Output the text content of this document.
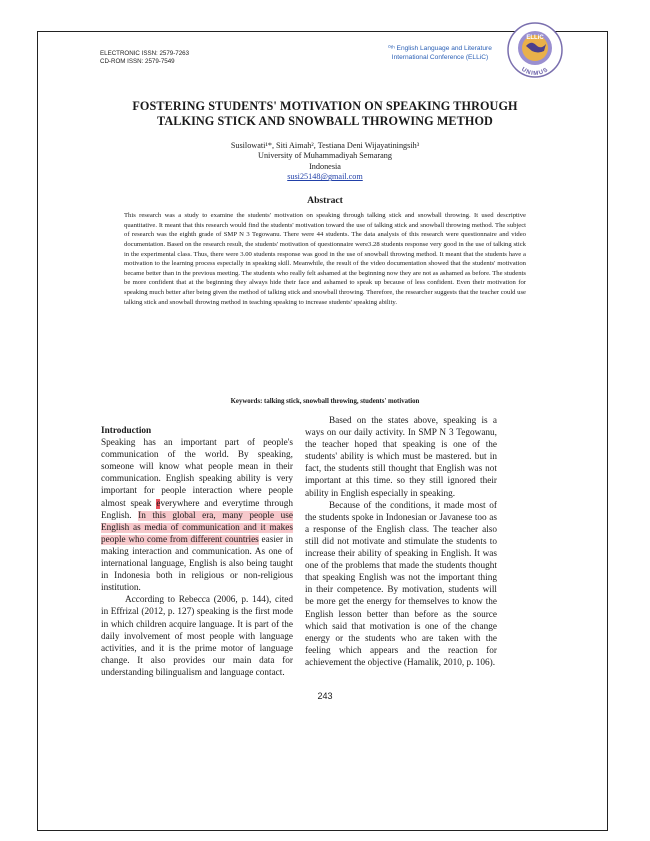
ELECTRONIC ISSN: 2579-7263
CD-ROM ISSN: 2579-7549
⁰ᵗʰ English Language and Literature
International Conference (ELLiC)
ELLiC
UNIMUS
FOSTERING STUDENTS' MOTIVATION ON SPEAKING THROUGH
TALKING STICK AND SNOWBALL THROWING METHOD
Susilowati¹*, Siti Aimah², Testiana Deni Wijayatiningsih³
University of Muhammadiyah Semarang
Indonesia
susi25148@gmail.com
Abstract
This research was a study to examine the students' motivation on speaking through talking stick and snowball throwing. It used descriptive quantitative. It meant that this research would find the students' motivation toward the use of talking stick and snowball throwing method. The subject of research was the eighth grade of SMP N 3 Tegowanu. There were 44 students. The data analysis of this research were questionnaire and video documentation. Based on the research result, the students' motivation of questionnaire were3.28 students response very good in the use of talking stick in the experimental class. Thus, there were 3.00 students response was good in the use of snowball throwing method. It meant that the students have a motivation to the learning process especially in speaking skill. Meanwhile, the result of the video documentation showed that the students' motivation became better than in the previous meeting. The students who really felt ashamed at the beginning now they are not as ashamed as before. The students be more confident that at the beginning they always hide their face and ashamed to speak up because of less confident. Even their motivation for speaking much better after being given the method of talking stick and snowball throwing. Therefore, the researcher suggests that the teacher could use talking stick and snowball throwing method in teaching speaking to increase students' speaking ability.
Keywords: talking stick, snowball throwing, students' motivation
Introduction

Speaking has an important part of people's communication of the world. By speaking, someone will know what people mean in their communication. English speaking ability is very important for people interaction where people almost speak everywhere and everytime through English. In this global era, many people use English as media of communication and it makes people who come from different countries easier in making interaction and communication. As one of international language, English is also being taught in Indonesia both in religious or non-religious institution.

According to Rebecca (2006, p. 144), cited in Effrizal (2012, p. 127) speaking is the first mode in which children acquire language. It is part of the daily involvement of most people with language activities, and it is the prime motor of language change. It also provides our main data for understanding bilingualism and language contact.

Based on the states above, speaking is a ways on our daily activity. In SMP N 3 Tegowanu, the teacher hoped that speaking is one of the students' ability is which must be mastered. but in fact, the students still thought that English was not important at this time. so they still ignored their ability in English especially in speaking.

Because of the conditions, it made most of the students spoke in Indonesian or Javanese too as a response of the English class. The teacher also still did not motivate and stimulate the students to increase their ability of speaking in English. It was one of the problems that made the students thought that speaking English was not the important thing in their competence. By motivation, students will be more get the energy for themselves to know the English lesson better than before as the source which said that motivation is one of the change energy or the students who are taken with the feeling which appears and the reaction for achievement the objective (Hamalik, 2010, p. 106).

243
